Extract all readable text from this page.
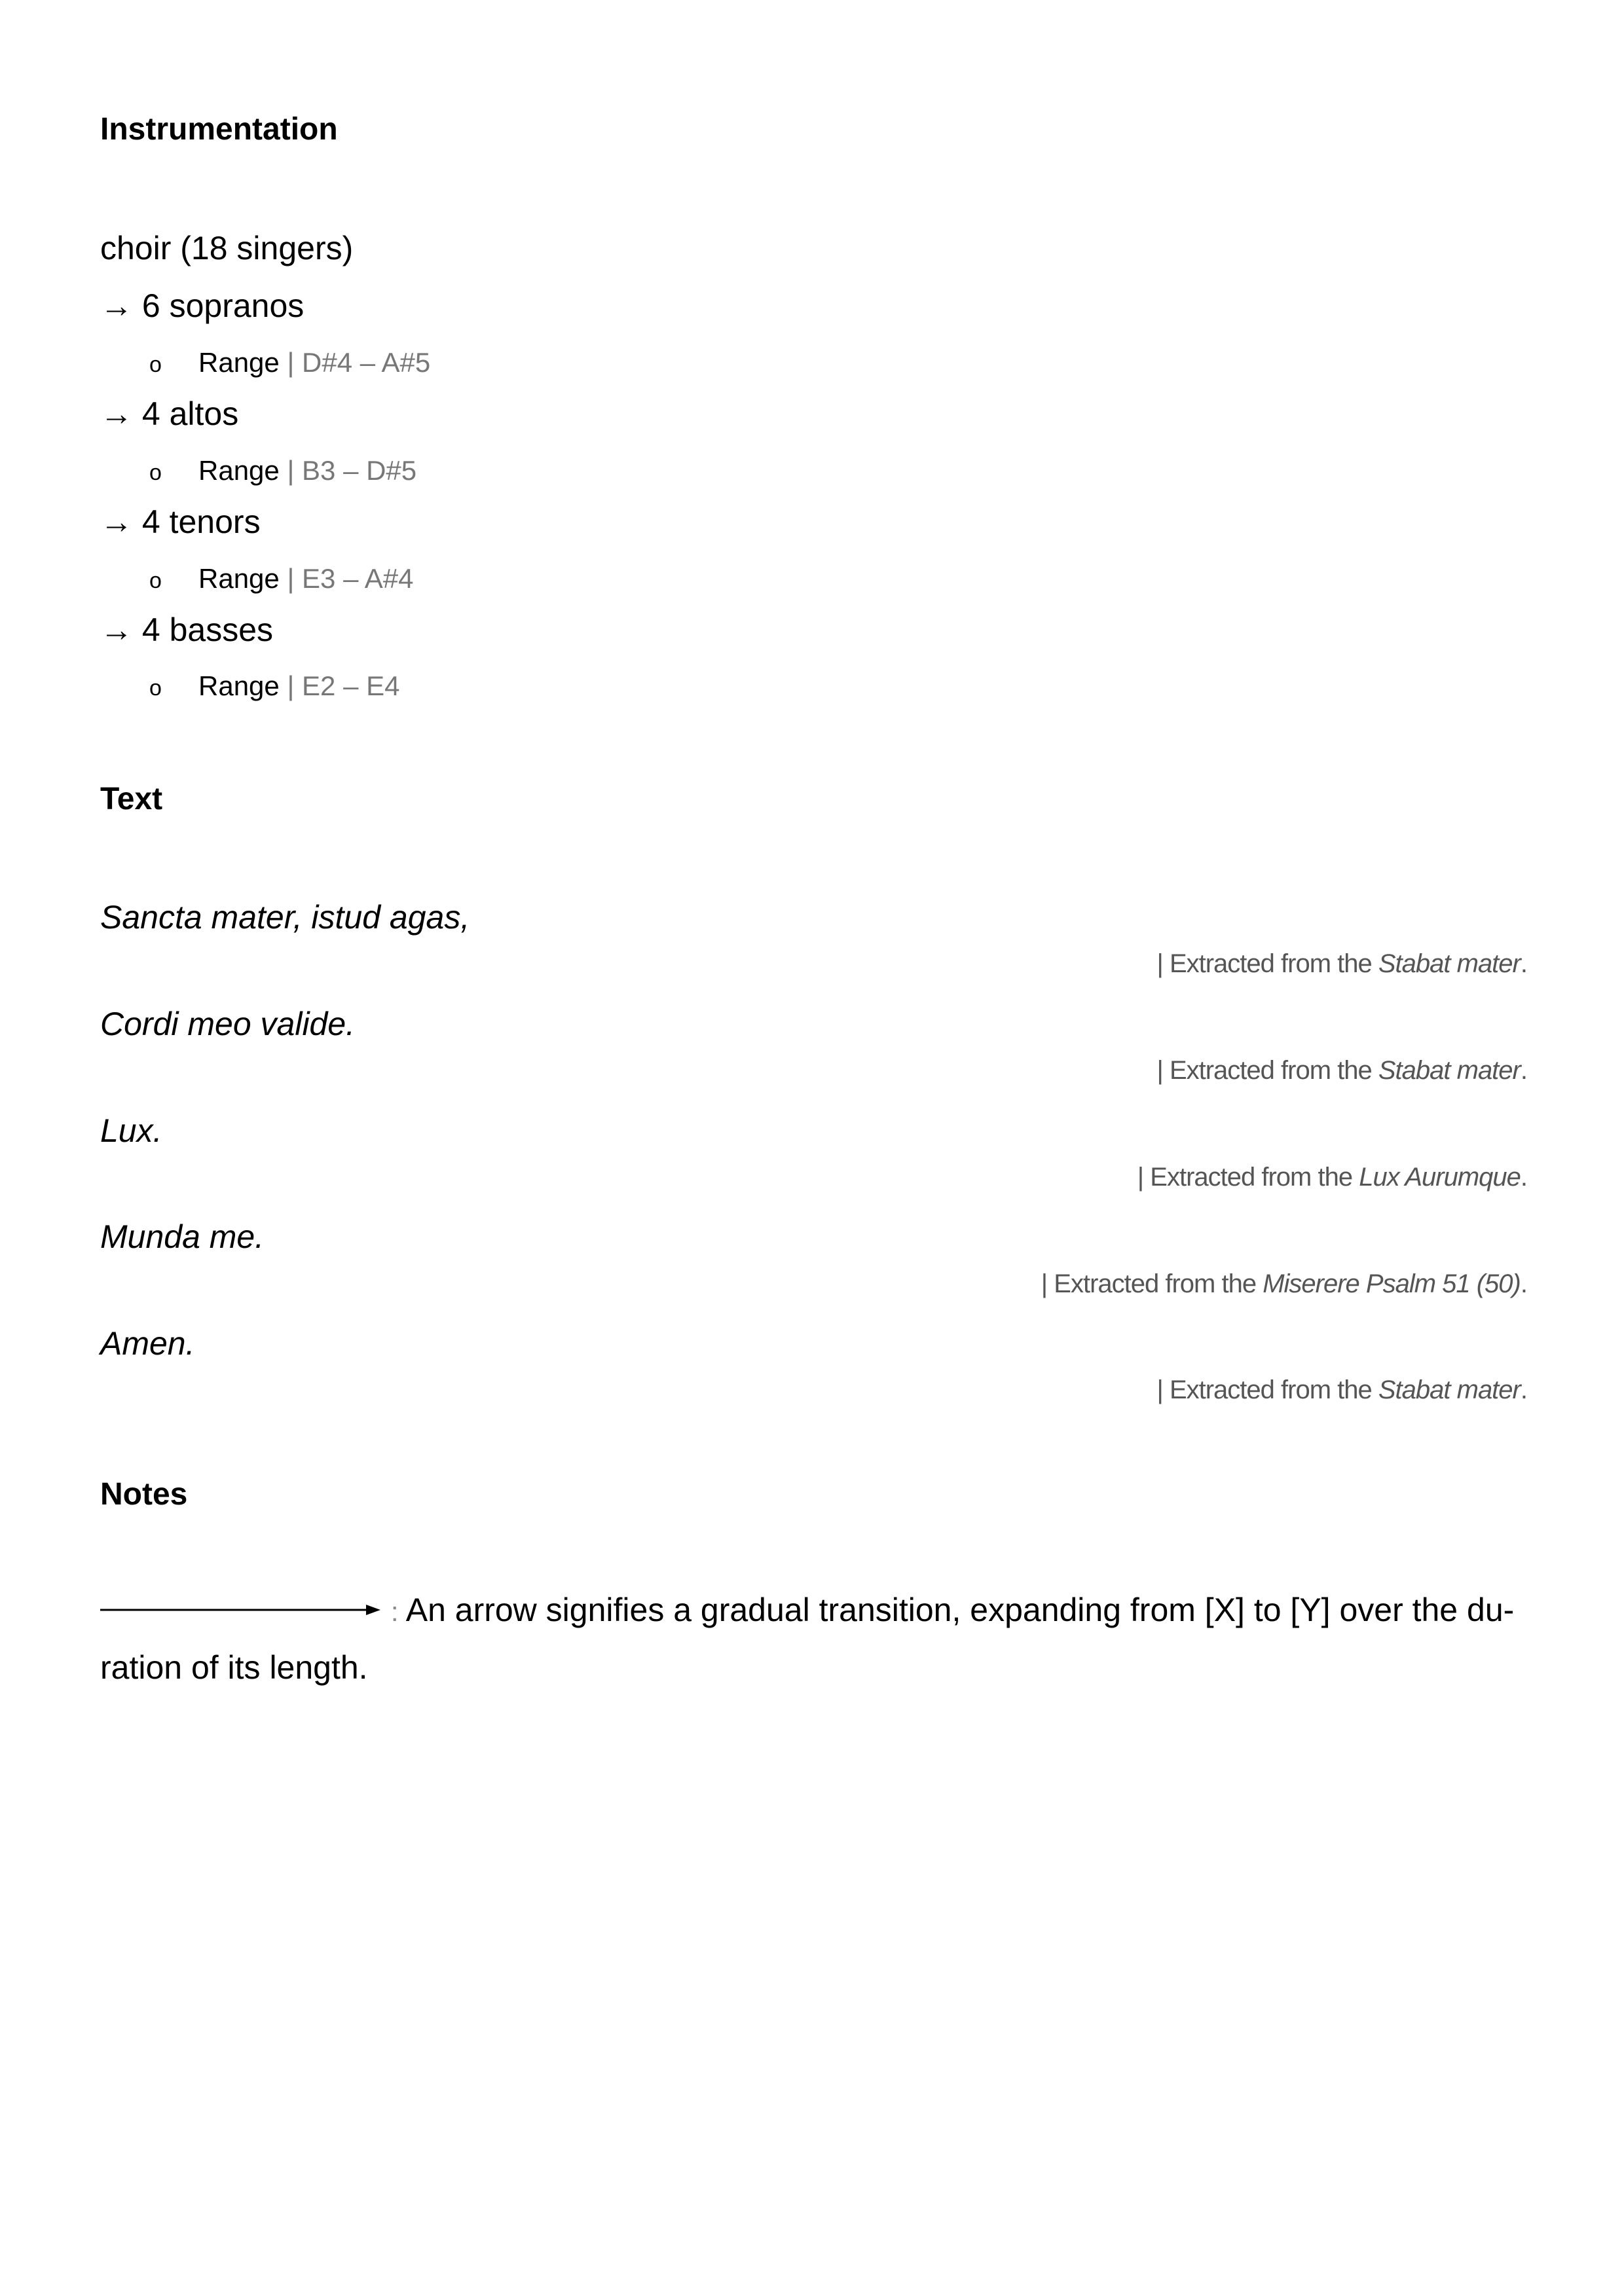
Instrumentation
choir (18 singers)
→ 6 sopranos
o Range | D#4 – A#5
→ 4 altos
o Range | B3 – D#5
→ 4 tenors
o Range | E3 – A#4
→ 4 basses
o Range | E2 – E4
Text
Sancta mater, istud agas,
| Extracted from the Stabat mater.
Cordi meo valide.
| Extracted from the Stabat mater.
Lux.
| Extracted from the Lux Aurumque.
Munda me.
| Extracted from the Miserere Psalm 51 (50).
Amen.
| Extracted from the Stabat mater.
Notes
: An arrow signifies a gradual transition, expanding from [X] to [Y] over the du-
ration of its length.
